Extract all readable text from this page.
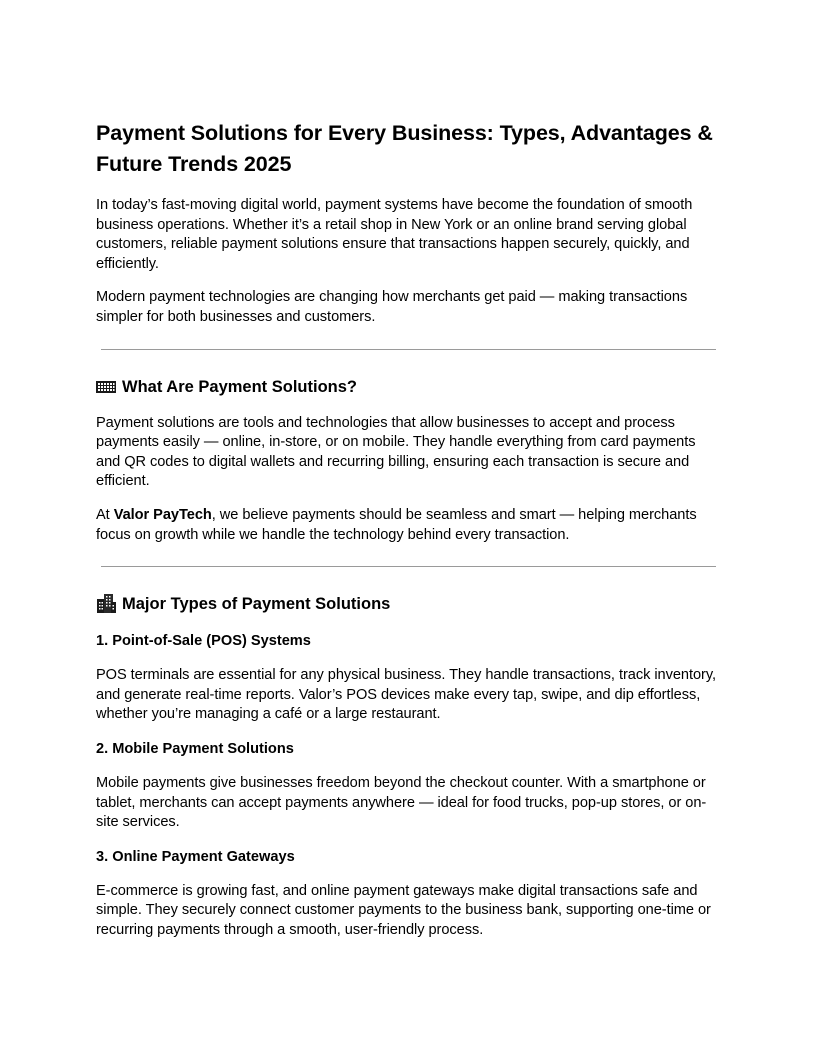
Payment Solutions for Every Business: Types, Advantages & Future Trends 2025

In today’s fast-moving digital world, payment systems have become the foundation of smooth business operations. Whether it’s a retail shop in New York or an online brand serving global customers, reliable payment solutions ensure that transactions happen securely, quickly, and efficiently.

Modern payment technologies are changing how merchants get paid — making transactions simpler for both businesses and customers.

What Are Payment Solutions?

Payment solutions are tools and technologies that allow businesses to accept and process payments easily — online, in-store, or on mobile. They handle everything from card payments and QR codes to digital wallets and recurring billing, ensuring each transaction is secure and efficient.

At Valor PayTech, we believe payments should be seamless and smart — helping merchants focus on growth while we handle the technology behind every transaction.

Major Types of Payment Solutions
1. Point-of-Sale (POS) Systems

POS terminals are essential for any physical business. They handle transactions, track inventory, and generate real-time reports. Valor’s POS devices make every tap, swipe, and dip effortless, whether you’re managing a café or a large restaurant.

2. Mobile Payment Solutions

Mobile payments give businesses freedom beyond the checkout counter. With a smartphone or tablet, merchants can accept payments anywhere — ideal for food trucks, pop-up stores, or on-site services.

3. Online Payment Gateways

E-commerce is growing fast, and online payment gateways make digital transactions safe and simple. They securely connect customer payments to the business bank, supporting one-time or recurring payments through a smooth, user-friendly process.
